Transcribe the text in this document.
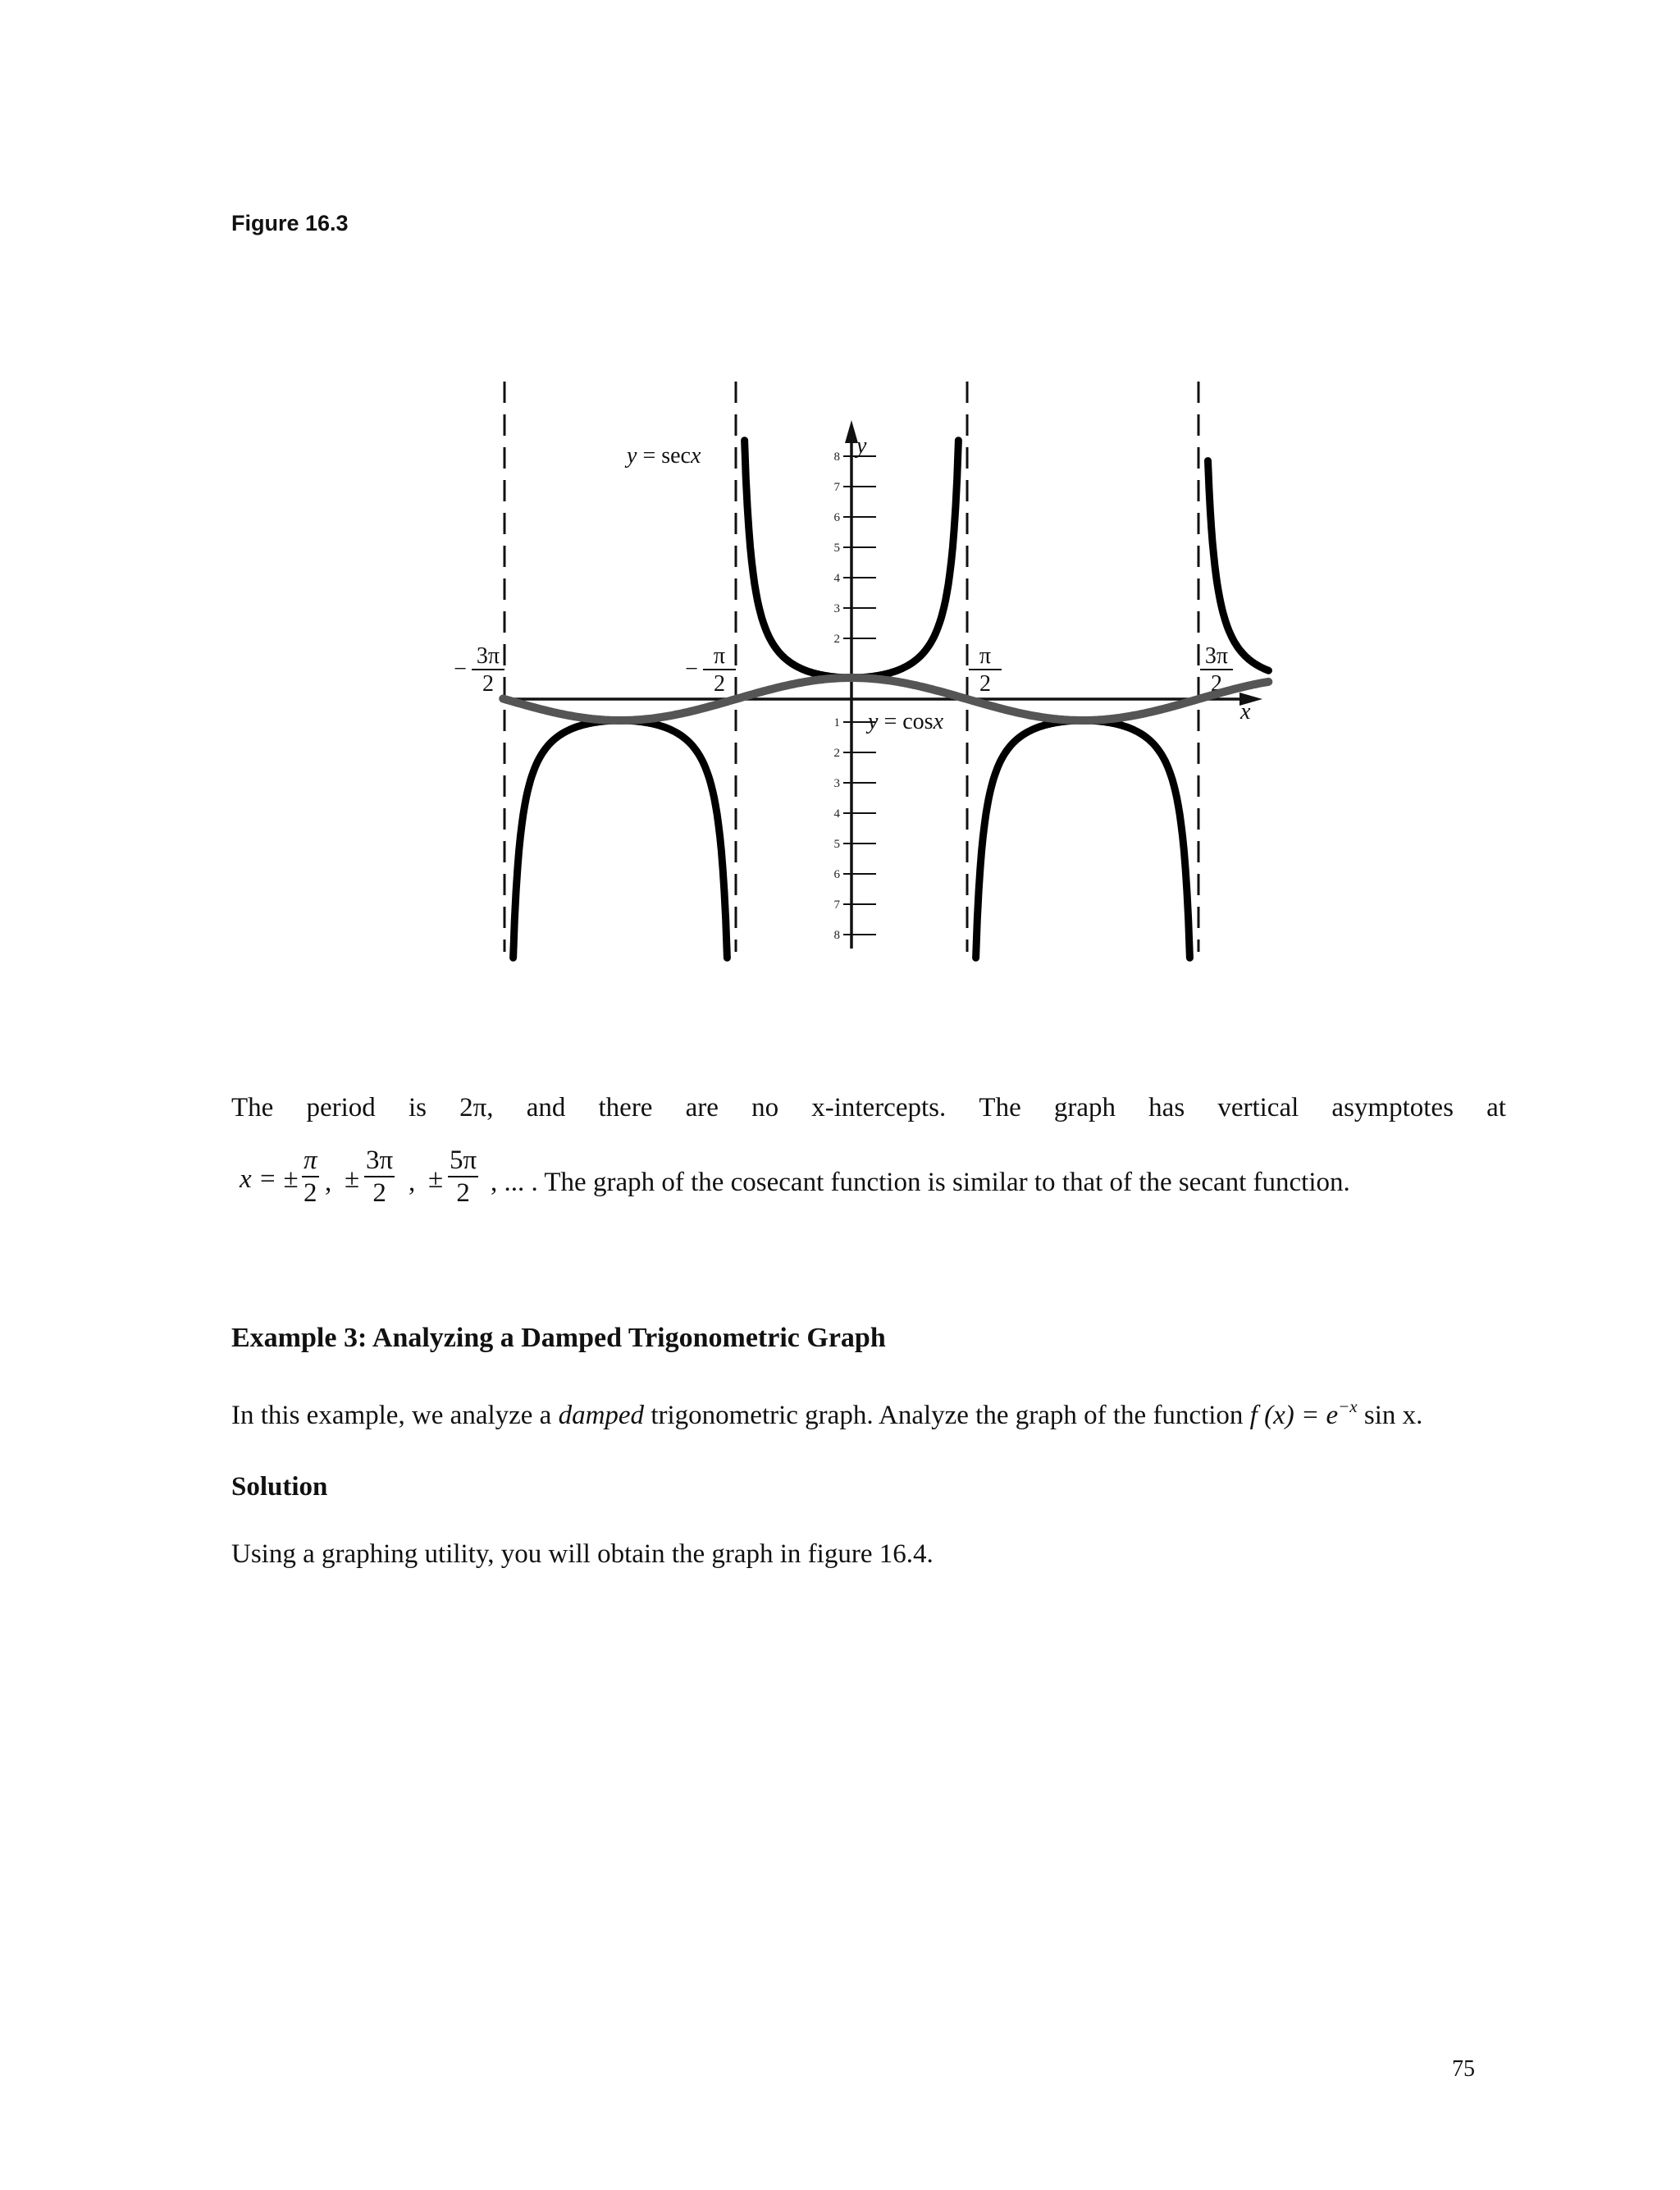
Figure 16.3
2
3
4
5
6
7
8
1
2
3
4
5
6
7
8
−
3π
2
−
π
2
π
2
3π
2
y = secx
y = cosx	x
y
The period is 2π, and there are no x-intercepts. The graph has vertical asymptotes at
x = ±
π
2 , ±
3π
2 , ±
5π
2 , ... . The graph of the cosecant function is similar to that of the secant function.
Example 3: Analyzing a Damped Trigonometric Graph
In this example, we analyze a damped trigonometric graph. Analyze the graph of the function f $(x) = e^{-x}$ sin x.
Solution
Using a graphing utility, you will obtain the graph in figure 16.4.
75
